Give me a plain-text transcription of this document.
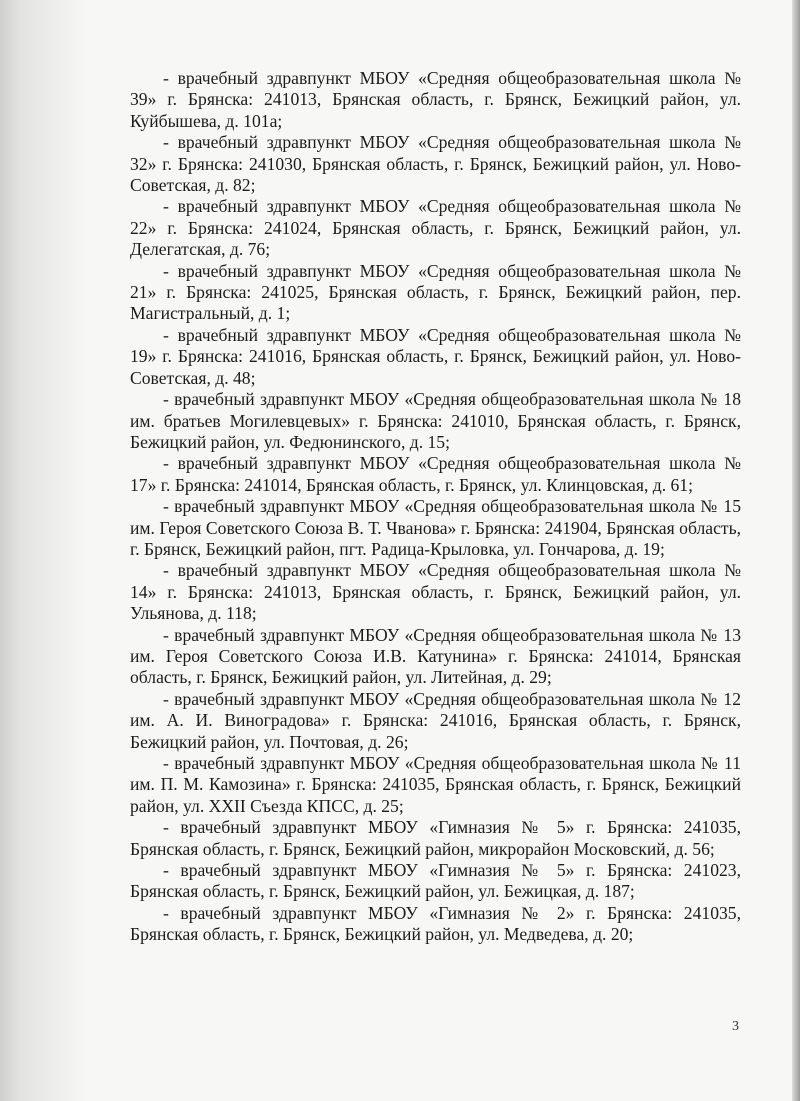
- врачебный здравпункт МБОУ «Средняя общеобразовательная школа № 39» г. Брянска: 241013, Брянская область, г. Брянск, Бежицкий район, ул. Куйбышева, д. 101а;

- врачебный здравпункт МБОУ «Средняя общеобразовательная школа № 32» г. Брянска: 241030, Брянская область, г. Брянск, Бежицкий район, ул. Ново-Советская, д. 82;

- врачебный здравпункт МБОУ «Средняя общеобразовательная школа № 22» г. Брянска: 241024, Брянская область, г. Брянск, Бежицкий район, ул. Делегатская, д. 76;

- врачебный здравпункт МБОУ «Средняя общеобразовательная школа № 21» г. Брянска: 241025, Брянская область, г. Брянск, Бежицкий район, пер. Магистральный, д. 1;

- врачебный здравпункт МБОУ «Средняя общеобразовательная школа № 19» г. Брянска: 241016, Брянская область, г. Брянск, Бежицкий район, ул. Ново-Советская, д. 48;

- врачебный здравпункт МБОУ «Средняя общеобразовательная школа № 18 им. братьев Могилевцевых» г. Брянска: 241010, Брянская область, г. Брянск, Бежицкий район, ул. Федюнинского, д. 15;

- врачебный здравпункт МБОУ «Средняя общеобразовательная школа № 17» г. Брянска: 241014, Брянская область, г. Брянск, ул. Клинцовская, д. 61;

- врачебный здравпункт МБОУ «Средняя общеобразовательная школа № 15 им. Героя Советского Союза В. Т. Чванова» г. Брянска: 241904, Брянская область, г. Брянск, Бежицкий район, пгт. Радица-Крыловка, ул. Гончарова, д. 19;

- врачебный здравпункт МБОУ «Средняя общеобразовательная школа № 14» г. Брянска: 241013, Брянская область, г. Брянск, Бежицкий район, ул. Ульянова, д. 118;

- врачебный здравпункт МБОУ «Средняя общеобразовательная школа № 13 им. Героя Советского Союза И.В. Катунина» г. Брянска: 241014, Брянская область, г. Брянск, Бежицкий район, ул. Литейная, д. 29;

- врачебный здравпункт МБОУ «Средняя общеобразовательная школа № 12 им. А. И. Виноградова» г. Брянска: 241016, Брянская область, г. Брянск, Бежицкий район, ул. Почтовая, д. 26;

- врачебный здравпункт МБОУ «Средняя общеобразовательная школа № 11 им. П. М. Камозина» г. Брянска: 241035, Брянская область, г. Брянск, Бежицкий район, ул. XXII Съезда КПСС, д. 25;

- врачебный здравпункт МБОУ «Гимназия № 5» г. Брянска: 241035, Брянская область, г. Брянск, Бежицкий район, микрорайон Московский, д. 56;

- врачебный здравпункт МБОУ «Гимназия № 5» г. Брянска: 241023, Брянская область, г. Брянск, Бежицкий район, ул. Бежицкая, д. 187;

- врачебный здравпункт МБОУ «Гимназия № 2» г. Брянска: 241035, Брянская область, г. Брянск, Бежицкий район, ул. Медведева, д. 20;

3
